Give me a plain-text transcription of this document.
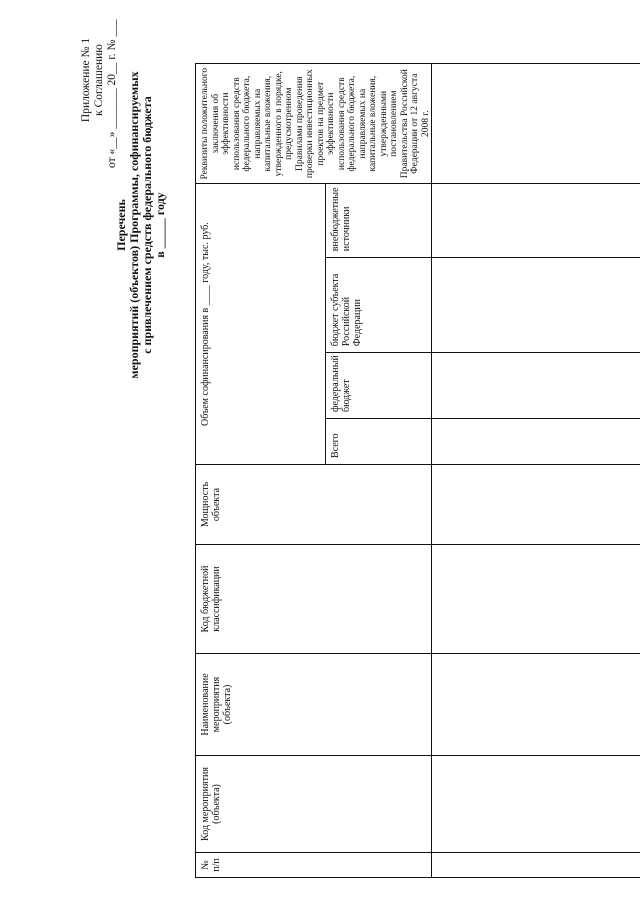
Приложение № 1 к Соглашению от «__» _______ 20__ г. № ___
Перечень мероприятий (объектов) Программы, софинансируемых с привлечением средств федерального бюджета в _____ году
№ п/п	Код мероприятия (объекта)	Наименование мероприятия (объекта)	Код бюджетной классификации	Мощность объекта	Объем софинансирования в ____ году, тыс. руб.				Реквизиты положительного заключения об эффективности использования средств федерального бюджета, направляемых на капитальные вложения, утвержденного в порядке, предусмотренном Правилами проведения проверки инвестиционных проектов на предмет эффективности использования средств федерального бюджета, направляемых на капитальные вложения, утвержденными постановлением Правительства Российской Федерации от 12 августа 2008 г.

					Всего	федеральный бюджет	бюджет субъекта Российской Федерации	внебюджетные источники	
